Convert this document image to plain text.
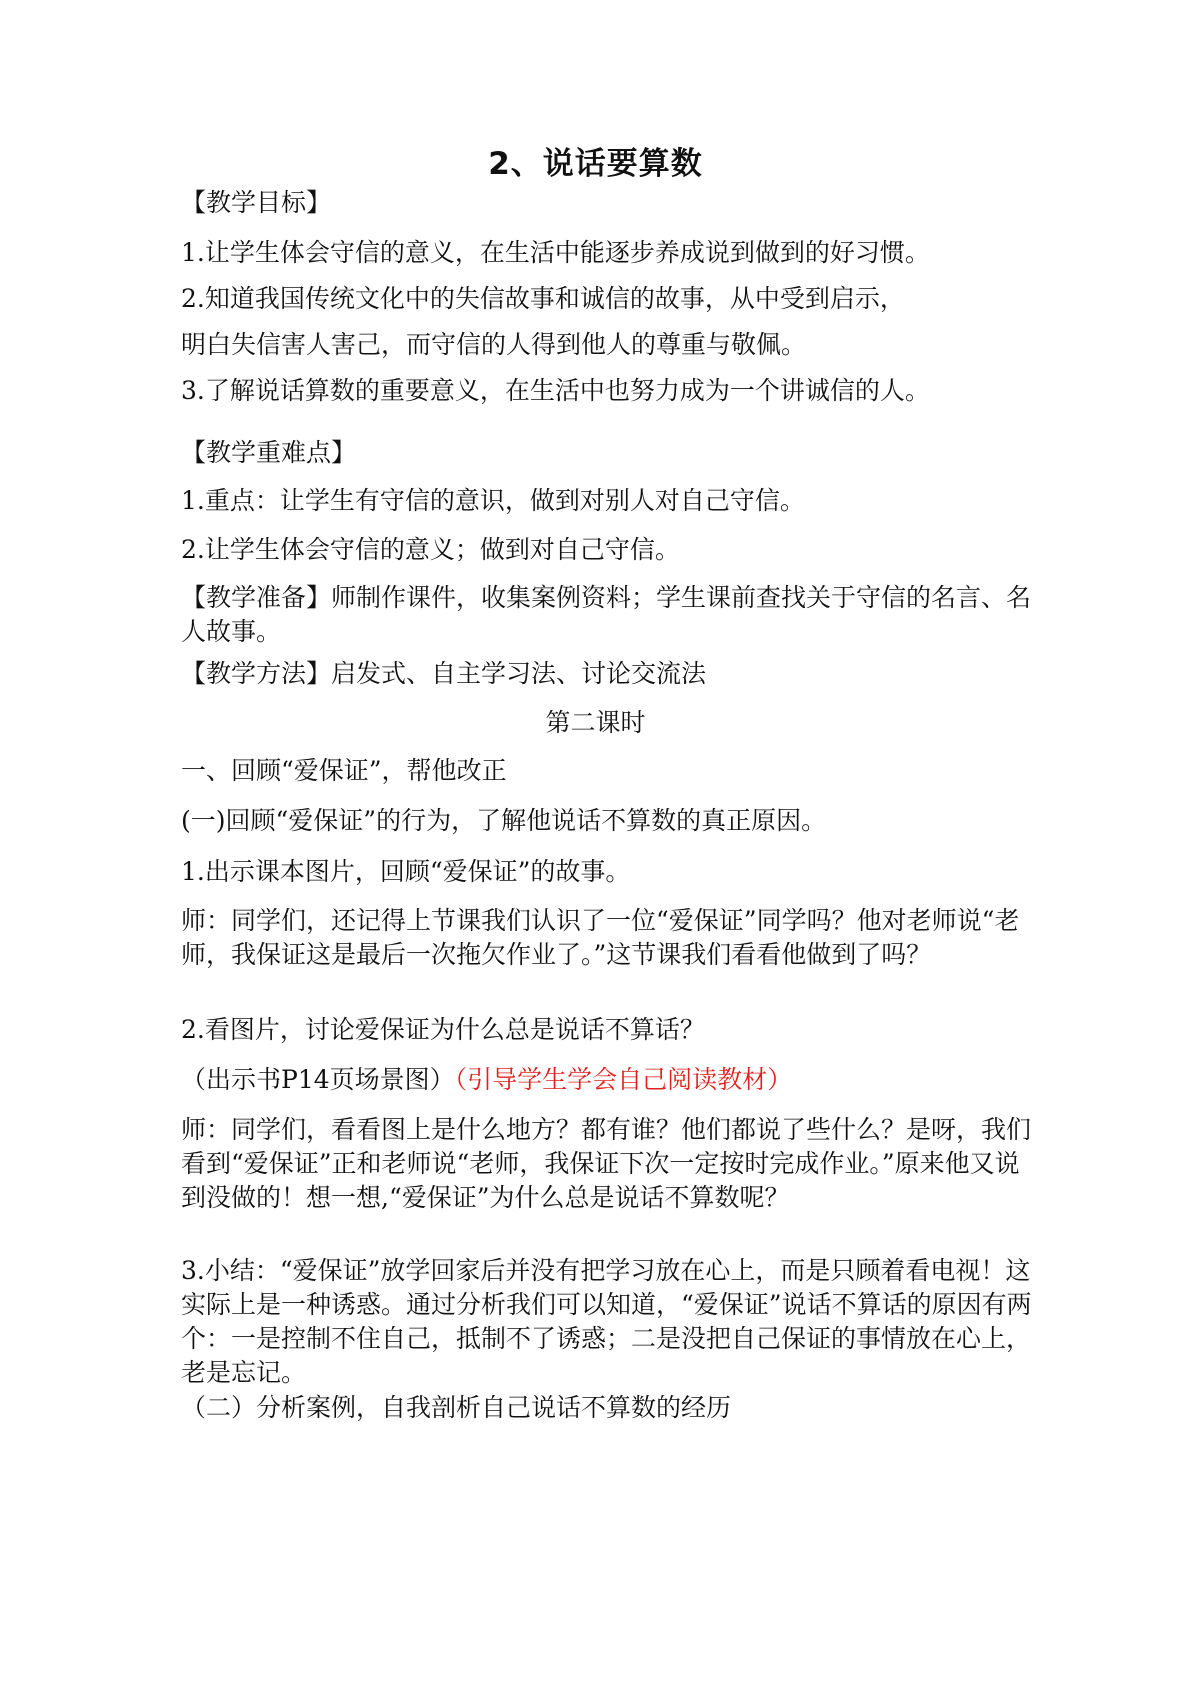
2、说话要算数
【教学目标】
1.让学生体会守信的意义，在生活中能逐步养成说到做到的好习惯。
2.知道我国传统文化中的失信故事和诚信的故事，从中受到启示，
明白失信害人害己，而守信的人得到他人的尊重与敬佩。
3.了解说话算数的重要意义，在生活中也努力成为一个讲诚信的人。
【教学重难点】
1.重点：让学生有守信的意识，做到对别人对自己守信。
2.让学生体会守信的意义；做到对自己守信。
【教学准备】师制作课件，收集案例资料；学生课前查找关于守信的名言、名人故事。
【教学方法】启发式、自主学习法、讨论交流法
第二课时
一、回顾“爱保证”，帮他改正
(一)回顾“爱保证”的行为，了解他说话不算数的真正原因。
1.出示课本图片，回顾“爱保证”的故事。
师：同学们，还记得上节课我们认识了一位“爱保证”同学吗？他对老师说“老师，我保证这是最后一次拖欠作业了。”这节课我们看看他做到了吗？
2.看图片，讨论爱保证为什么总是说话不算话？
（出示书P14页场景图）（引导学生学会自己阅读教材）
师：同学们，看看图上是什么地方？都有谁？他们都说了些什么？是呀，我们看到“爱保证”正和老师说“老师，我保证下次一定按时完成作业。”原来他又说到没做的！想一想,“爱保证”为什么总是说话不算数呢？
3.小结：“爱保证”放学回家后并没有把学习放在心上，而是只顾着看电视！这实际上是一种诱惑。通过分析我们可以知道，“爱保证”说话不算话的原因有两个：一是控制不住自己，抵制不了诱惑；二是没把自己保证的事情放在心上，老是忘记。
（二）分析案例，自我剖析自己说话不算数的经历
